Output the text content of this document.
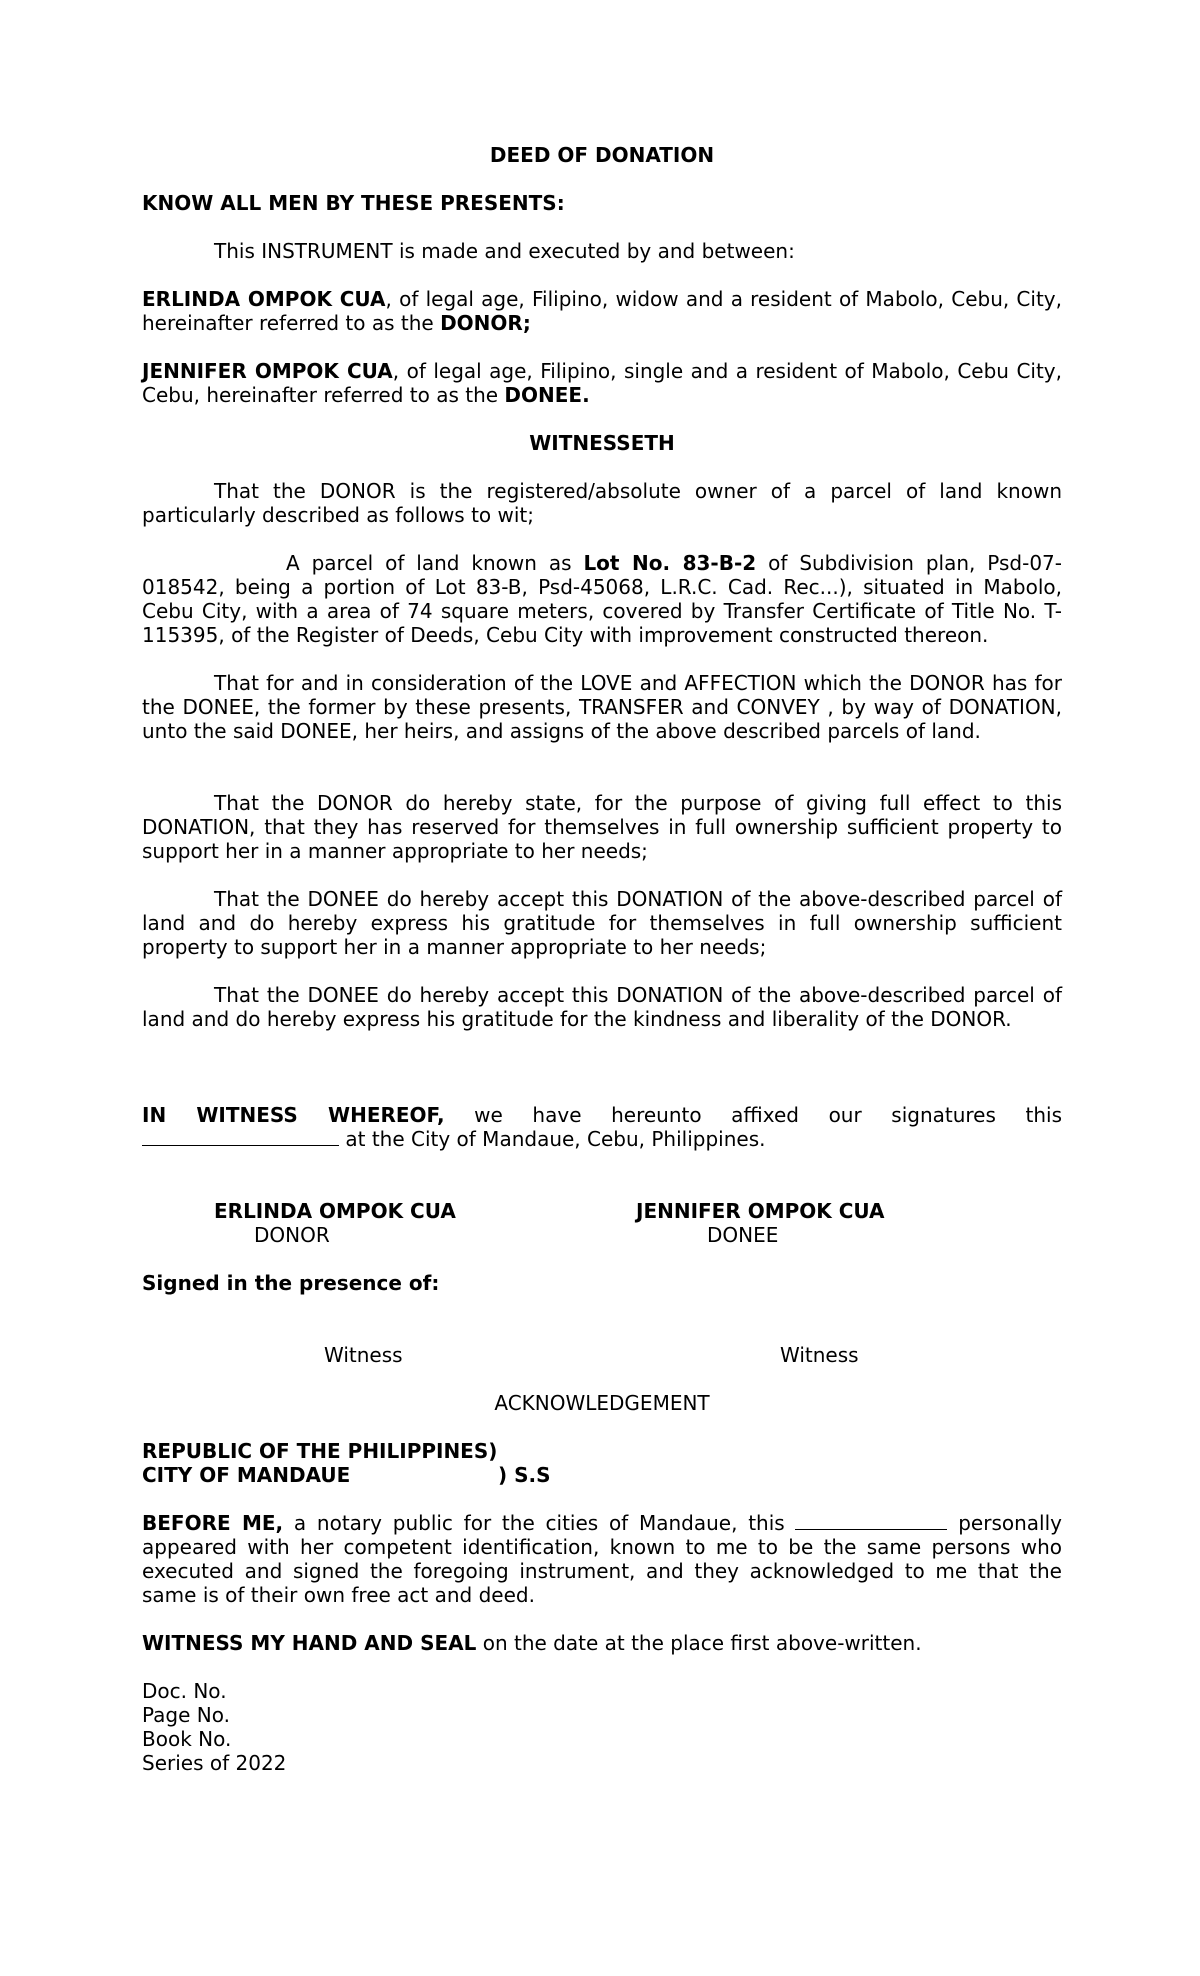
DEED OF DONATION
KNOW ALL MEN BY THESE PRESENTS:
This INSTRUMENT is made and executed by and between:
ERLINDA OMPOK CUA, of legal age, Filipino, widow and a resident of Mabolo, Cebu, City, hereinafter referred to as the DONOR;
JENNIFER OMPOK CUA, of legal age, Filipino, single and a resident of Mabolo, Cebu City, Cebu, hereinafter referred to as the DONEE.
WITNESSETH
That the DONOR is the registered/absolute owner of a parcel of land known particularly described as follows to wit;
A parcel of land known as Lot No. 83-B-2 of Subdivision plan, Psd-07-018542, being a portion of Lot 83-B, Psd-45068, L.R.C. Cad. Rec...), situated in Mabolo, Cebu City, with a area of 74 square meters, covered by Transfer Certificate of Title No. T-115395, of the Register of Deeds, Cebu City with improvement constructed thereon.
That for and in consideration of the LOVE and AFFECTION which the DONOR has for the DONEE, the former by these presents, TRANSFER and CONVEY , by way of DONATION, unto the said DONEE, her heirs, and assigns of the above described parcels of land.
That the DONOR do hereby state, for the purpose of giving full effect to this DONATION, that they has reserved for themselves in full ownership sufficient property to support her in a manner appropriate to her needs;
That the DONEE do hereby accept this DONATION of the above-described parcel of land and do hereby express his gratitude for themselves in full ownership sufficient property to support her in a manner appropriate to her needs;
That the DONEE do hereby accept this DONATION of the above-described parcel of land and do hereby express his gratitude for the kindness and liberality of the DONOR.
IN WITNESS WHEREOF, we have hereunto affixed our signatures this
at the City of Mandaue, Cebu, Philippines.
ERLINDA OMPOK CUA
DONOR
JENNIFER OMPOK CUA
DONEE
Signed in the presence of:
Witness	Witness
ACKNOWLEDGEMENT
REPUBLIC OF THE PHILIPPINES)
CITY OF MANDAUE	) S.S
BEFORE ME, a notary public for the cities of Mandaue, this	personally appeared with her competent identification, known to me to be the same persons who executed and signed the foregoing instrument, and they acknowledged to me that the same is of their own free act and deed.
WITNESS MY HAND AND SEAL on the date at the place first above-written.
Doc. No.
Page No.
Book No.
Series of 2022
